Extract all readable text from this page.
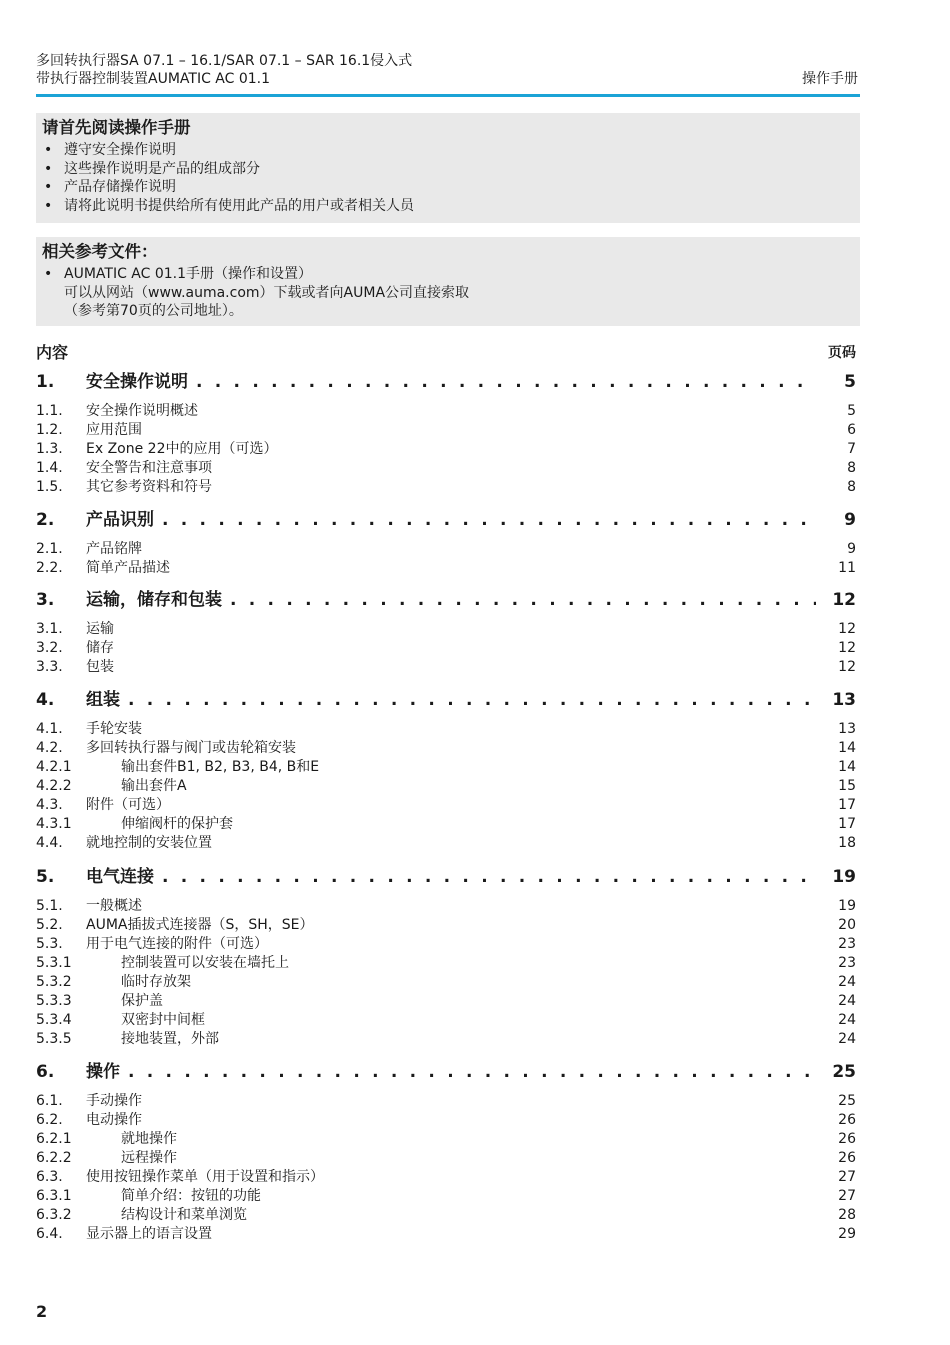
多回转执行器SA 07.1 – 16.1/SAR 07.1 – SAR 16.1侵入式
带执行器控制装置AUMATIC AC 01.1	操作手册
请首先阅读操作手册
• 遵守安全操作说明
• 这些操作说明是产品的组成部分
• 产品存储操作说明
• 请将此说明书提供给所有使用此产品的用户或者相关人员
相关参考文件：
• AUMATIC AC 01.1手册（操作和设置）
可以从网站（www.auma.com）下载或者向AUMA公司直接索取
（参考第70页的公司地址）。
内容	页码
1. 安全操作说明 . . .	5
1.1. 安全操作说明概述	5
1.2. 应用范围	6
1.3. Ex Zone 22中的应用（可选）	7
1.4. 安全警告和注意事项	8
1.5. 其它参考资料和符号	8
2. 产品识别 . . .	9
2.1. 产品铭牌	9
2.2. 简单产品描述	11
3. 运输，储存和包装 . . .	12
3.1. 运输	12
3.2. 储存	12
3.3. 包装	12
4. 组装 . . .	13
4.1. 手轮安装	13
4.2. 多回转执行器与阀门或齿轮箱安装	14
4.2.1	输出套件B1, B2, B3, B4, B和E	14
4.2.2	输出套件A	15
4.3. 附件（可选）	17
4.3.1	伸缩阀杆的保护套	17
4.4. 就地控制的安装位置	18
5. 电气连接 . . .	19
5.1. 一般概述	19
5.2. AUMA插拔式连接器（S，SH，SE）	20
5.3. 用于电气连接的附件（可选）	23
5.3.1	控制装置可以安装在墙托上	23
5.3.2	临时存放架	24
5.3.3	保护盖	24
5.3.4	双密封中间框	24
5.3.5	接地装置，外部	24
6. 操作 . . .	25
6.1. 手动操作	25
6.2. 电动操作	26
6.2.1	就地操作	26
6.2.2	远程操作	26
6.3. 使用按钮操作菜单（用于设置和指示）	27
6.3.1	简单介绍：按钮的功能	27
6.3.2	结构设计和菜单浏览	28
6.4. 显示器上的语言设置	29
2
